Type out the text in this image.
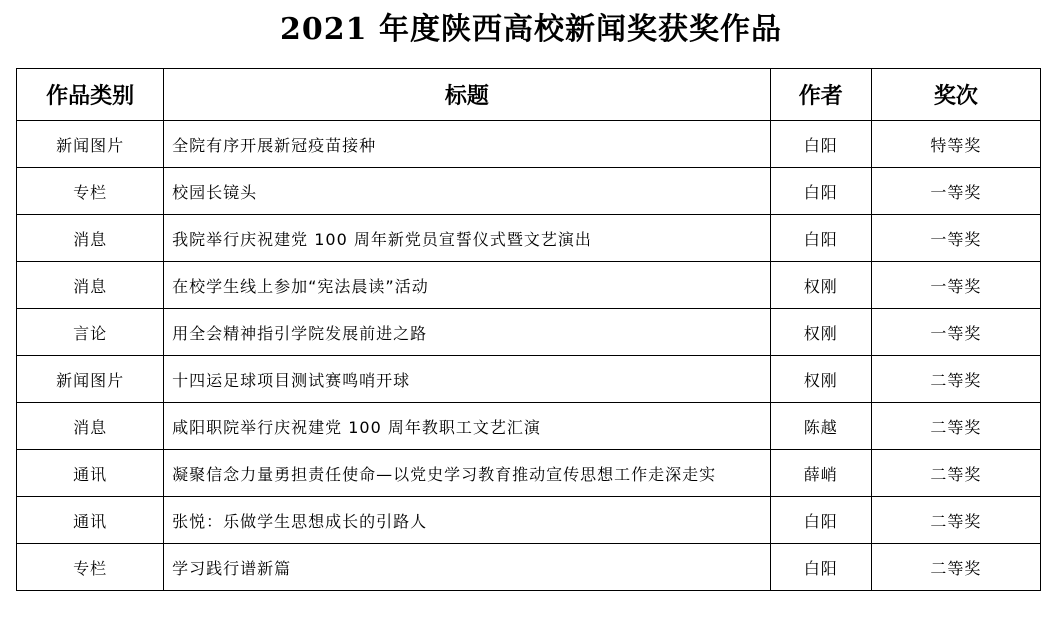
2021 年度陕西高校新闻奖获奖作品
作品类别	标题	作者	奖次
新闻图片	全院有序开展新冠疫苗接种	白阳	特等奖
专栏	校园长镜头	白阳	一等奖
消息	我院举行庆祝建党 100 周年新党员宣誓仪式暨文艺演出	白阳	一等奖
消息	在校学生线上参加“宪法晨读”活动	权刚	一等奖
言论	用全会精神指引学院发展前进之路	权刚	一等奖
新闻图片	十四运足球项目测试赛鸣哨开球	权刚	二等奖
消息	咸阳职院举行庆祝建党 100 周年教职工文艺汇演	陈越	二等奖
通讯	凝聚信念力量勇担责任使命—以党史学习教育推动宣传思想工作走深走实	薛峭	二等奖
通讯	张悦：乐做学生思想成长的引路人	白阳	二等奖
专栏	学习践行谱新篇	白阳	二等奖
